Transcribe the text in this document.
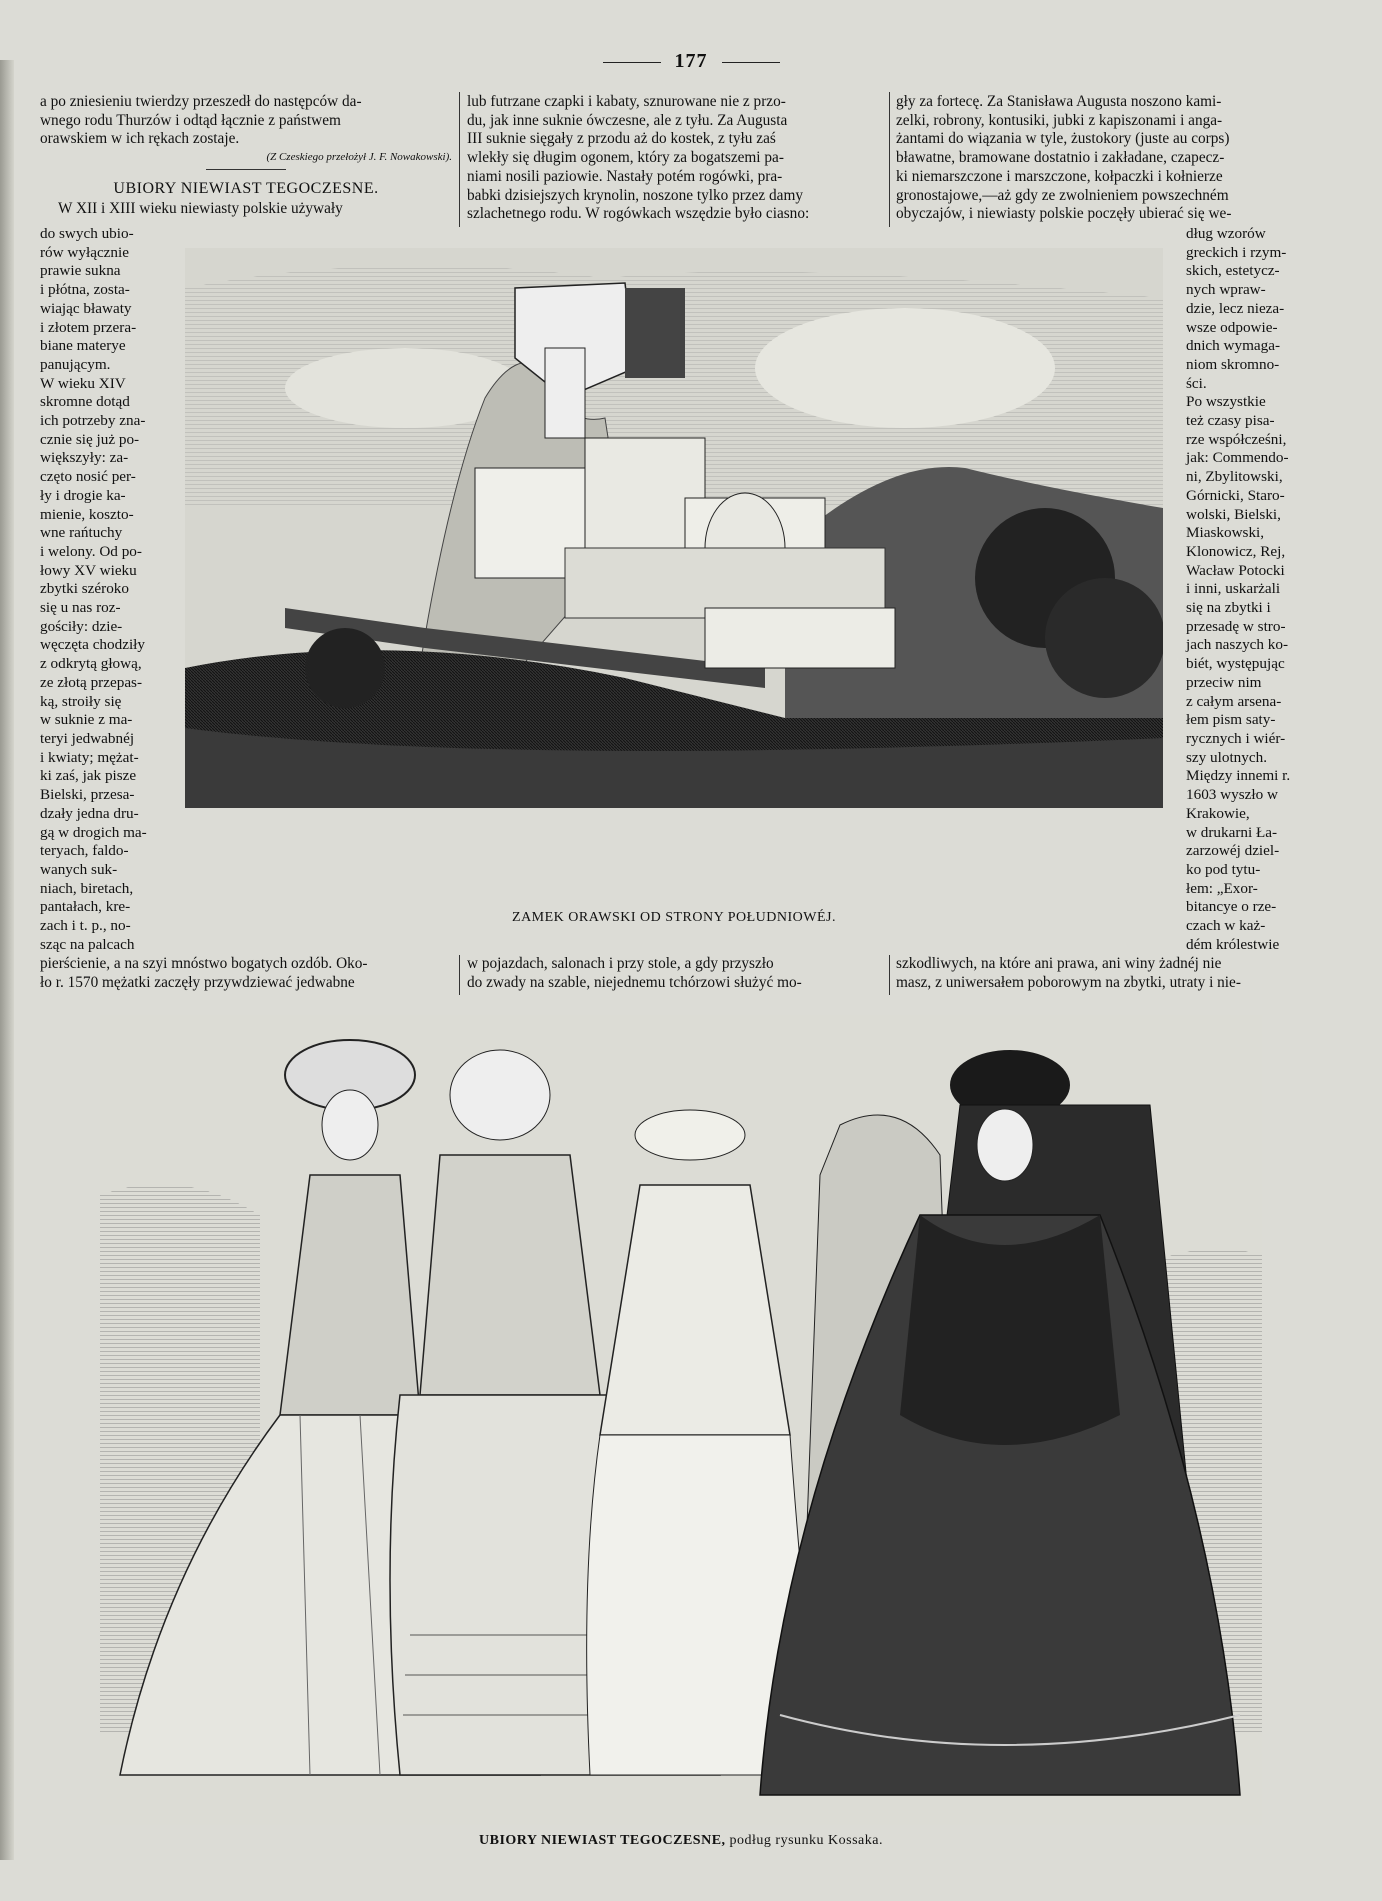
177

a po zniesieniu twierdzy przeszedł do następców da-

wnego rodu Thurzów i odtąd łącznie z państwem

orawskiem w ich rękach zostaje.

(Z Czeskiego przełożył J. F. Nowakowski).

UBIORY NIEWIAST TEGOCZESNE.

W XII i XIII wieku niewiasty polskie używały

do swych ubio-
rów wyłącznie
prawie sukna
i płótna, zosta-
wiając bławaty
i złotem przera-
biane materye
panującym.
W wieku XIV
skromne dotąd
ich potrzeby zna-
cznie się już po-
większyły: za-
częto nosić per-
ły i drogie ka-
mienie, koszto-
wne rańtuchy
i welony. Od po-
łowy XV wieku
zbytki széroko
się u nas roz-
gościły: dzie-
węczęta chodziły
z odkrytą głową,
ze złotą przepas-
ką, stroiły się
w suknie z ma-
teryi jedwabnéj
i kwiaty; mężat-
ki zaś, jak pisze
Bielski, przesa-
dzały jedna dru-
gą w drogich ma-
teryach, faldo-
wanych suk-
niach, biretach,
pantałach, kre-
zach i t. p., no-
sząc na palcach

pierścienie, a na szyi mnóstwo bogatych ozdób. Oko-

ło r. 1570 mężatki zaczęły przywdziewać jedwabne

lub futrzane czapki i kabaty, sznurowane nie z przo-

du, jak inne suknie ówczesne, ale z tyłu. Za Augusta

III suknie sięgały z przodu aż do kostek, z tyłu zaś

wlekły się długim ogonem, który za bogatszemi pa-

niami nosili paziowie. Nastały potém rogówki, pra-

babki dzisiejszych krynolin, noszone tylko przez damy

szlachetnego rodu. W rogówkach wszędzie było ciasno:

w pojazdach, salonach i przy stole, a gdy przyszło

do zwady na szable, niejednemu tchórzowi służyć mo-

gły za fortecę. Za Stanisława Augusta noszono kami-

zelki, robrony, kontusiki, jubki z kapiszonami i anga-

żantami do wiązania w tyle, żustokory (juste au corps)

bławatne, bramowane dostatnio i zakładane, czapecz-

ki niemarszczone i marszczone, kołpaczki i kołnierze

gronostajowe,—aż gdy ze zwolnieniem powszechném

obyczajów, i niewiasty polskie poczęły ubierać się we-

dług wzorów
greckich i rzym-
skich, estetycz-
nych wpraw-
dzie, lecz nieza-
wsze odpowie-
dnich wymaga-
niom skromno-
ści.
Po wszystkie
też czasy pisa-
rze współcześni,
jak: Commendo-
ni, Zbylitowski,
Górnicki, Staro-
wolski, Bielski,
Miaskowski,
Klonowicz, Rej,
Wacław Potocki
i inni, uskarżali
się na zbytki i
przesadę w stro-
jach naszych ko-
biét, występując
przeciw nim
z całym arsena-
łem pism saty-
rycznych i wiér-
szy ulotnych.
Między innemi r.
1603 wyszło w
Krakowie,
w drukarni Ła-
zarzowéj dziel-
ko pod tytu-
łem: „Exor-
bitancye o rze-
czach w każ-
dém królestwie

szkodliwych, na które ani prawa, ani winy żadnéj nie

masz, z uniwersałem poborowym na zbytki, utraty i nie-

ZAMEK ORAWSKI OD STRONY POŁUDNIOWÉJ.
UBIORY NIEWIAST TEGOCZESNE, podług rysunku Kossaka.
